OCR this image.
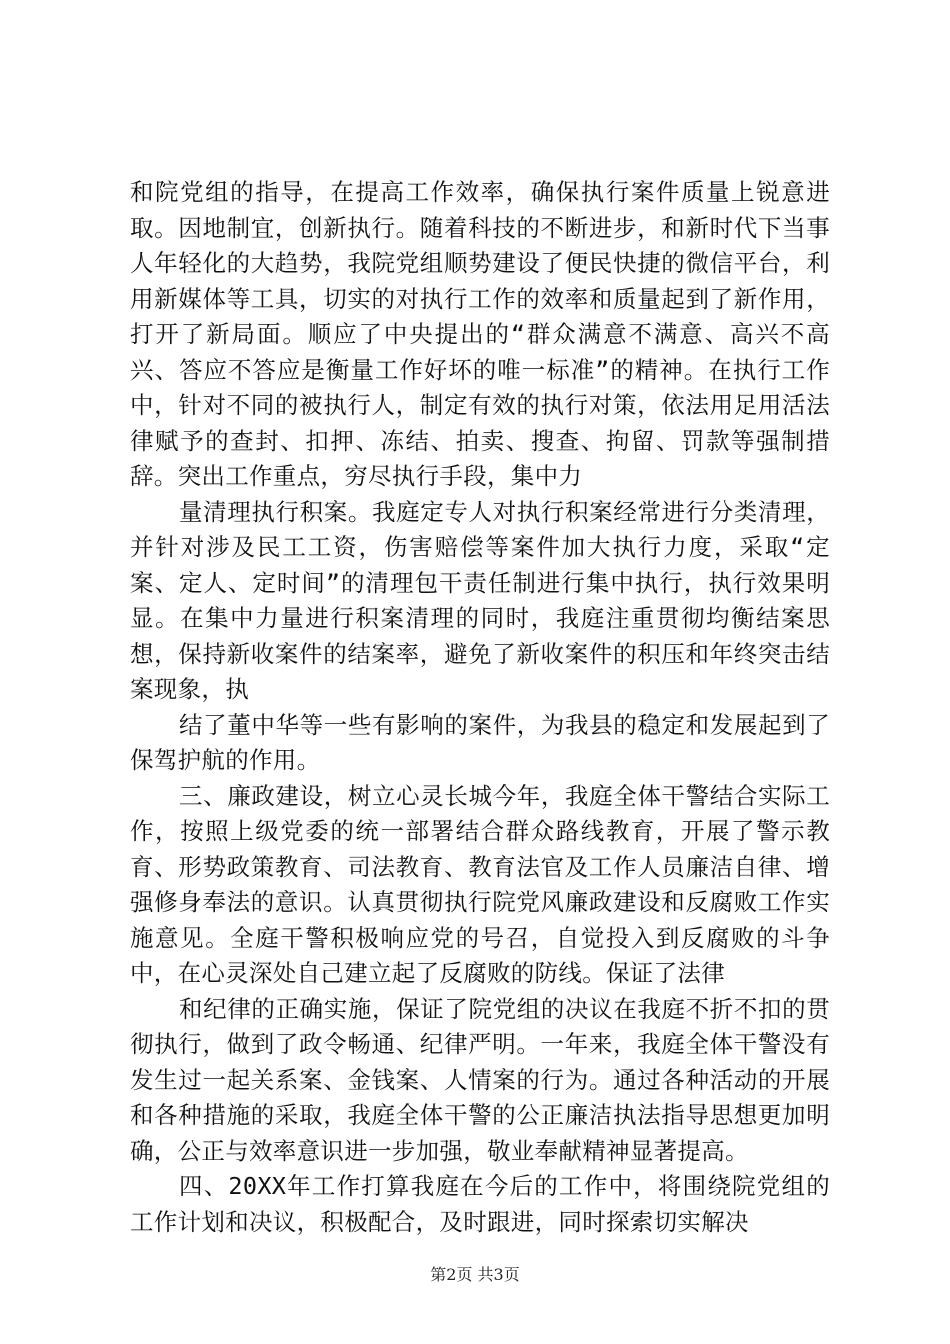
和院党组的指导，在提高工作效率，确保执行案件质量上锐意进取。因地制宜，创新执行。随着科技的不断进步，和新时代下当事人年轻化的大趋势，我院党组顺势建设了便民快捷的微信平台，利用新媒体等工具，切实的对执行工作的效率和质量起到了新作用，打开了新局面。顺应了中央提出的“群众满意不满意、高兴不高兴、答应不答应是衡量工作好坏的唯一标准”的精神。在执行工作中，针对不同的被执行人，制定有效的执行对策，依法用足用活法律赋予的查封、扣押、冻结、拍卖、搜查、拘留、罚款等强制措辞。突出工作重点，穷尽执行手段，集中力

量清理执行积案。我庭定专人对执行积案经常进行分类清理，并针对涉及民工工资，伤害赔偿等案件加大执行力度，采取“定案、定人、定时间”的清理包干责任制进行集中执行，执行效果明显。在集中力量进行积案清理的同时，我庭注重贯彻均衡结案思想，保持新收案件的结案率，避免了新收案件的积压和年终突击结案现象，执

结了董中华等一些有影响的案件，为我县的稳定和发展起到了保驾护航的作用。

三、廉政建设，树立心灵长城今年，我庭全体干警结合实际工作，按照上级党委的统一部署结合群众路线教育，开展了警示教育、形势政策教育、司法教育、教育法官及工作人员廉洁自律、增强修身奉法的意识。认真贯彻执行院党风廉政建设和反腐败工作实施意见。全庭干警积极响应党的号召，自觉投入到反腐败的斗争中，在心灵深处自己建立起了反腐败的防线。保证了法律

和纪律的正确实施，保证了院党组的决议在我庭不折不扣的贯彻执行，做到了政令畅通、纪律严明。一年来，我庭全体干警没有发生过一起关系案、金钱案、人情案的行为。通过各种活动的开展和各种措施的采取，我庭全体干警的公正廉洁执法指导思想更加明确，公正与效率意识进一步加强，敬业奉献精神显著提高。

四、20XX年工作打算我庭在今后的工作中，将围绕院党组的工作计划和决议，积极配合，及时跟进，同时探索切实解决

第2页 共3页
